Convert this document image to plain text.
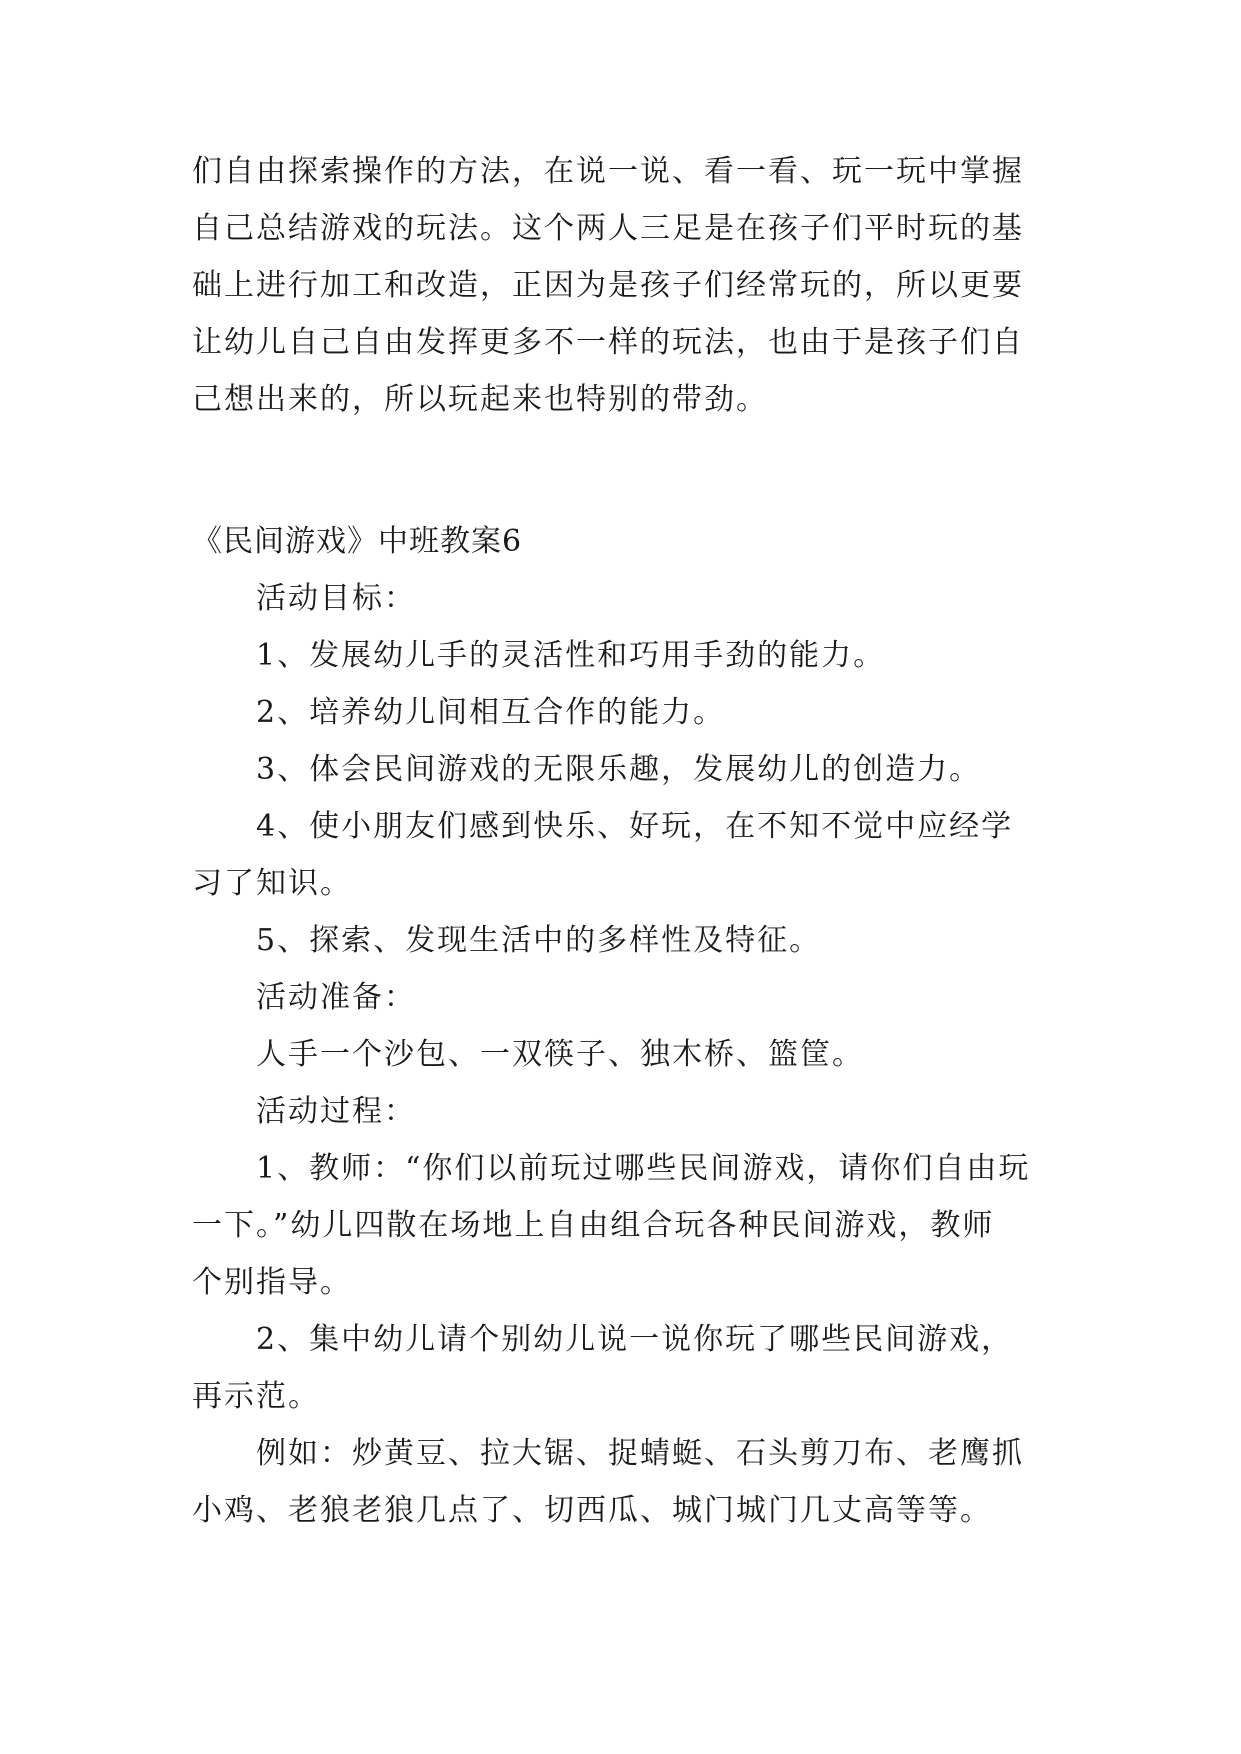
们自由探索操作的方法，在说一说、看一看、玩一玩中掌握

自己总结游戏的玩法。这个两人三足是在孩子们平时玩的基

础上进行加工和改造，正因为是孩子们经常玩的，所以更要

让幼儿自己自由发挥更多不一样的玩法，也由于是孩子们自

己想出来的，所以玩起来也特别的带劲。

《民间游戏》中班教案6

活动目标：

1、发展幼儿手的灵活性和巧用手劲的能力。

2、培养幼儿间相互合作的能力。

3、体会民间游戏的无限乐趣，发展幼儿的创造力。

4、使小朋友们感到快乐、好玩，在不知不觉中应经学

习了知识。

5、探索、发现生活中的多样性及特征。

活动准备：

人手一个沙包、一双筷子、独木桥、篮筐。

活动过程：

1、教师：“你们以前玩过哪些民间游戏，请你们自由玩

一下。”幼儿四散在场地上自由组合玩各种民间游戏，教师

个别指导。

2、集中幼儿请个别幼儿说一说你玩了哪些民间游戏，

再示范。

例如：炒黄豆、拉大锯、捉蜻蜓、石头剪刀布、老鹰抓

小鸡、老狼老狼几点了、切西瓜、城门城门几丈高等等。
